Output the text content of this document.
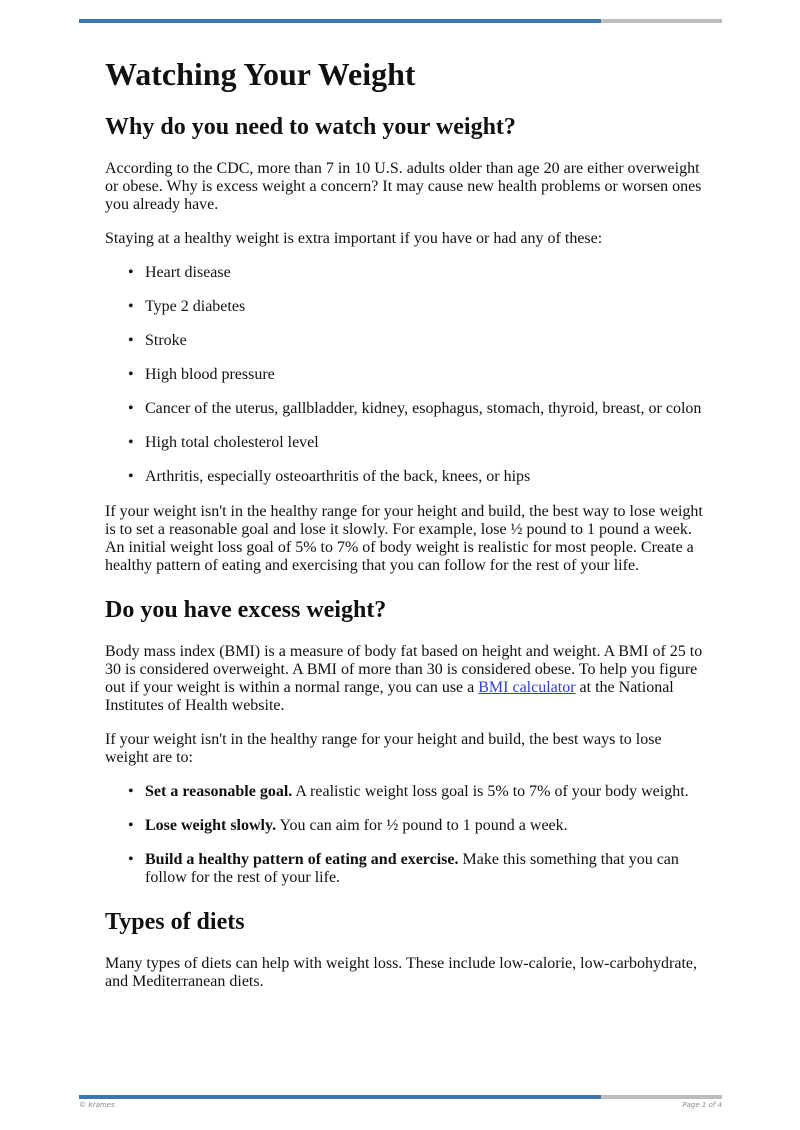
Watching Your Weight
Why do you need to watch your weight?

According to the CDC, more than 7 in 10 U.S. adults older than age 20 are either overweight or obese. Why is excess weight a concern? It may cause new health problems or worsen ones you already have.

Staying at a healthy weight is extra important if you have or had any of these:

• Heart disease
• Type 2 diabetes
• Stroke
• High blood pressure
• Cancer of the uterus, gallbladder, kidney, esophagus, stomach, thyroid, breast, or colon
• High total cholesterol level
• Arthritis, especially osteoarthritis of the back, knees, or hips

If your weight isn't in the healthy range for your height and build, the best way to lose weight is to set a reasonable goal and lose it slowly. For example, lose ½ pound to 1 pound a week. An initial weight loss goal of 5% to 7% of body weight is realistic for most people. Create a healthy pattern of eating and exercising that you can follow for the rest of your life.

Do you have excess weight?

Body mass index (BMI) is a measure of body fat based on height and weight. A BMI of 25 to 30 is considered overweight. A BMI of more than 30 is considered obese. To help you figure out if your weight is within a normal range, you can use a BMI calculator at the National Institutes of Health website.

If your weight isn't in the healthy range for your height and build, the best ways to lose weight are to:

• Set a reasonable goal. A realistic weight loss goal is 5% to 7% of your body weight.
• Lose weight slowly. You can aim for ½ pound to 1 pound a week.
• Build a healthy pattern of eating and exercise. Make this something that you can follow for the rest of your life.
Types of diets

Many types of diets can help with weight loss. These include low-calorie, low-carbohydrate, and Mediterranean diets.

© Krames	Page 1 of 4
